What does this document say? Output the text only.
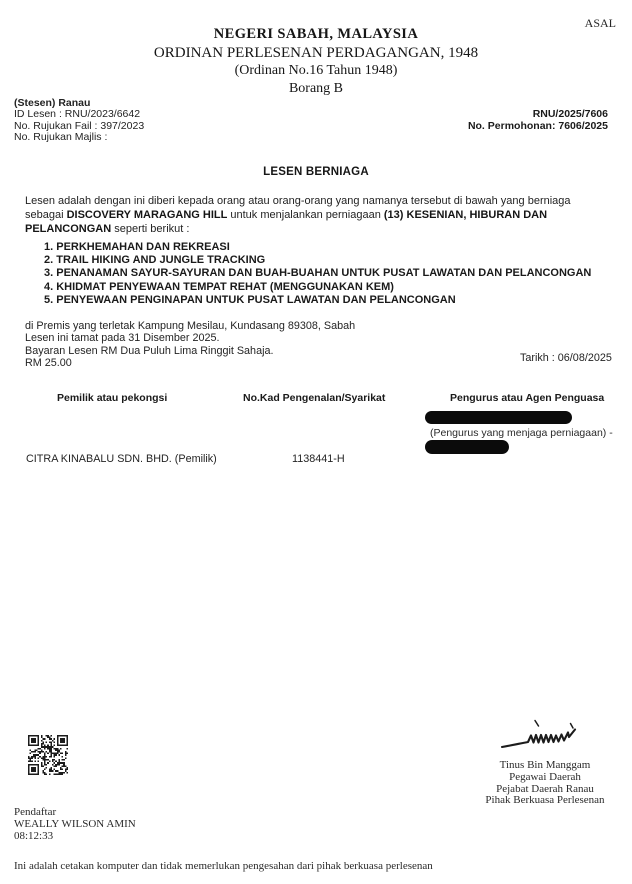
ASAL
NEGERI SABAH, MALAYSIA
ORDINAN PERLESENAN PERDAGANGAN, 1948
(Ordinan No.16 Tahun 1948)
Borang B
(Stesen) Ranau
ID Lesen : RNU/2023/6642
No. Rujukan Fail : 397/2023
No. Rujukan Majlis :
RNU/2025/7606
No. Permohonan: 7606/2025
LESEN BERNIAGA
Lesen adalah dengan ini diberi kepada orang atau orang-orang yang namanya tersebut di bawah yang berniaga sebagai DISCOVERY MARAGANG HILL untuk menjalankan perniagaan (13) KESENIAN, HIBURAN DAN PELANCONGAN seperti berikut :
1. PERKHEMAHAN DAN REKREASI
2. TRAIL HIKING AND JUNGLE TRACKING
3. PENANAMAN SAYUR-SAYURAN DAN BUAH-BUAHAN UNTUK PUSAT LAWATAN DAN PELANCONGAN
4. KHIDMAT PENYEWAAN TEMPAT REHAT (MENGGUNAKAN KEM)
5. PENYEWAAN PENGINAPAN UNTUK PUSAT LAWATAN DAN PELANCONGAN
di Premis yang terletak Kampung Mesilau, Kundasang 89308, Sabah
Lesen ini tamat pada 31 Disember 2025.
Bayaran Lesen RM Dua Puluh Lima Ringgit Sahaja.
RM 25.00	Tarikh : 06/08/2025
Pemilik atau pekongsi	No.Kad Pengenalan/Syarikat	Pengurus atau Agen Penguasa
(Pengurus yang menjaga perniagaan) -
CITRA KINABALU SDN. BHD. (Pemilik)	1138441-H
Tinus Bin Manggam
Pegawai Daerah
Pejabat Daerah Ranau
Pihak Berkuasa Perlesenan
Pendaftar
WEALLY WILSON AMIN
08:12:33
Ini adalah cetakan komputer dan tidak memerlukan pengesahan dari pihak berkuasa perlesenan
